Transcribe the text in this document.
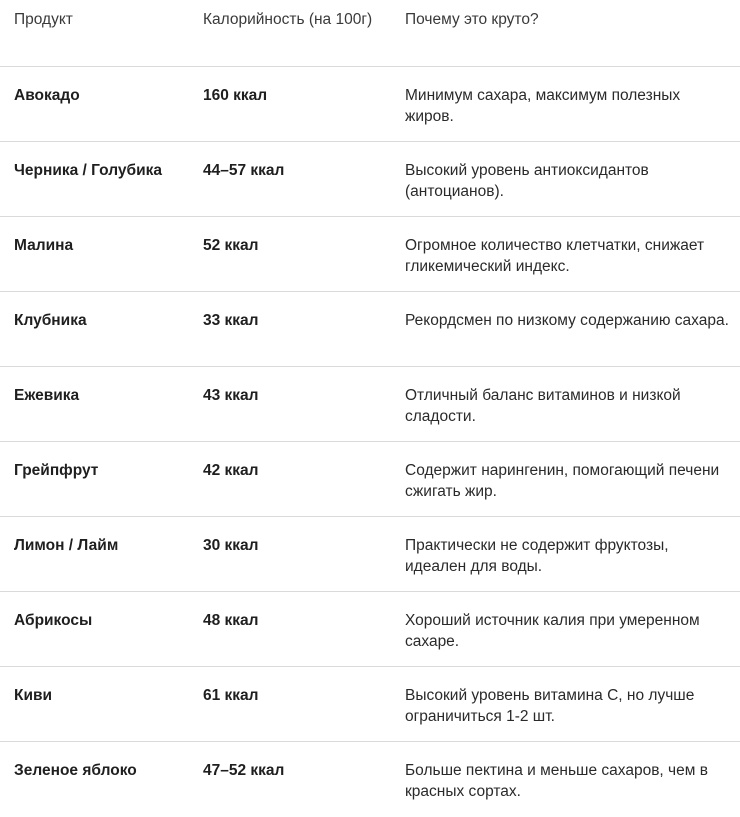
Продукт	Калорийность (на 100г)	Почему это круто?
Авокадо	160 ккал	Минимум сахара, максимум полезных жиров.
Черника / Голубика	44–57 ккал	Высокий уровень антиоксидантов (антоцианов).
Малина	52 ккал	Огромное количество клетчатки, снижает гликемический индекс.
Клубника	33 ккал	Рекордсмен по низкому содержанию сахара.
Ежевика	43 ккал	Отличный баланс витаминов и низкой сладости.
Грейпфрут	42 ккал	Содержит нарингенин, помогающий печени сжигать жир.
Лимон / Лайм	30 ккал	Практически не содержит фруктозы, идеален для воды.
Абрикосы	48 ккал	Хороший источник калия при умеренном сахаре.
Киви	61 ккал	Высокий уровень витамина С, но лучше ограничиться 1-2 шт.
Зеленое яблоко	47–52 ккал	Больше пектина и меньше сахаров, чем в красных сортах.
